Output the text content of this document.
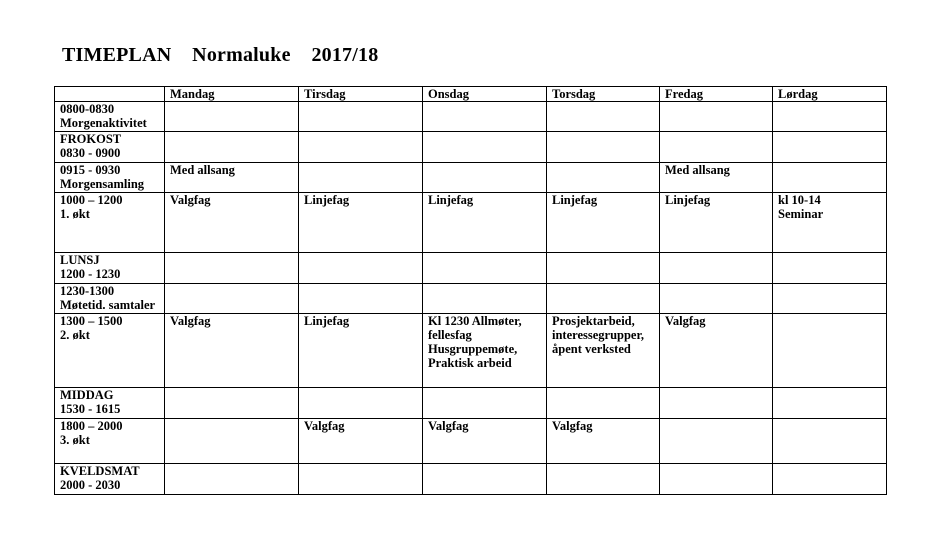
TIMEPLAN    Normaluke    2017/18
	Mandag	Tirsdag	Onsdag	Torsdag	Fredag	Lørdag

0800-0830
Morgenaktivitet						

FROKOST
0830 - 0900						

0915 - 0930
Morgensamling	Med allsang				Med allsang	

1000 – 1200
1. økt	Valgfag	Linjefag	Linjefag	Linjefag	Linjefag	kl 10-14
Seminar

LUNSJ
1200 - 1230						

1230-1300
Møtetid. samtaler						

1300 – 1500
2. økt	Valgfag	Linjefag	Kl 1230 Allmøter,
fellesfag
Husgruppemøte,
Praktisk arbeid	Prosjektarbeid,
interessegrupper,
åpent verksted	Valgfag	

MIDDAG
1530 - 1615						

1800 – 2000
3. økt		Valgfag	Valgfag	Valgfag		

KVELDSMAT
2000 - 2030						
